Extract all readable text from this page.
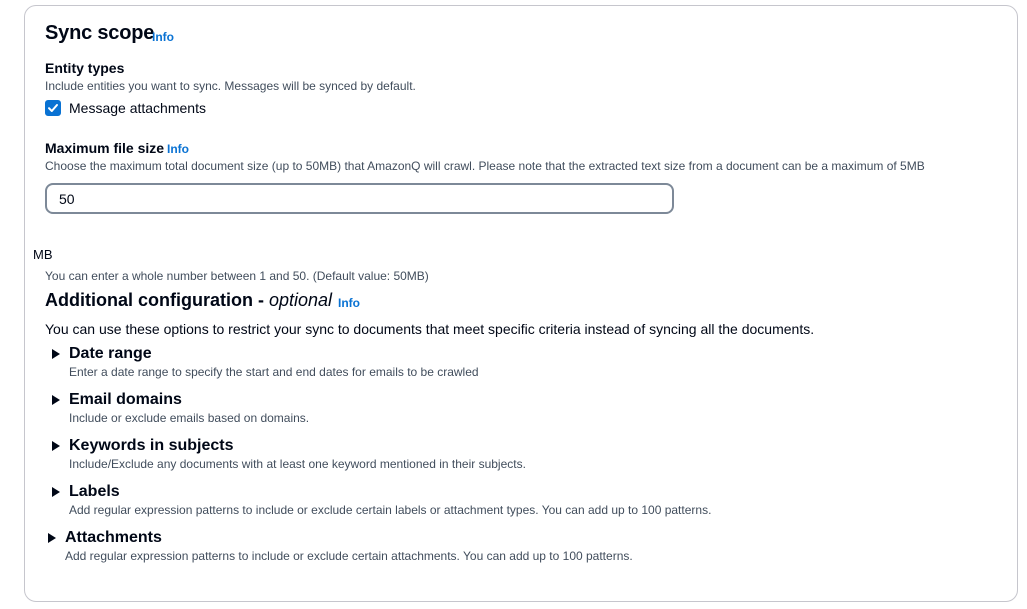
Sync scope
Info
Entity types
Include entities you want to sync. Messages will be synced by default.
Message attachments
Maximum file size Info
Choose the maximum total document size (up to 50MB) that AmazonQ will crawl. Please note that the extracted text size from a document can be a maximum of 5MB
50
MB
You can enter a whole number between 1 and 50. (Default value: 50MB)
Additional configuration - optional Info
You can use these options to restrict your sync to documents that meet specific criteria instead of syncing all the documents.
Date range
Enter a date range to specify the start and end dates for emails to be crawled
Email domains
Include or exclude emails based on domains.
Keywords in subjects
Include/Exclude any documents with at least one keyword mentioned in their subjects.
Labels
Add regular expression patterns to include or exclude certain labels or attachment types. You can add up to 100 patterns.
Attachments
Add regular expression patterns to include or exclude certain attachments. You can add up to 100 patterns.
